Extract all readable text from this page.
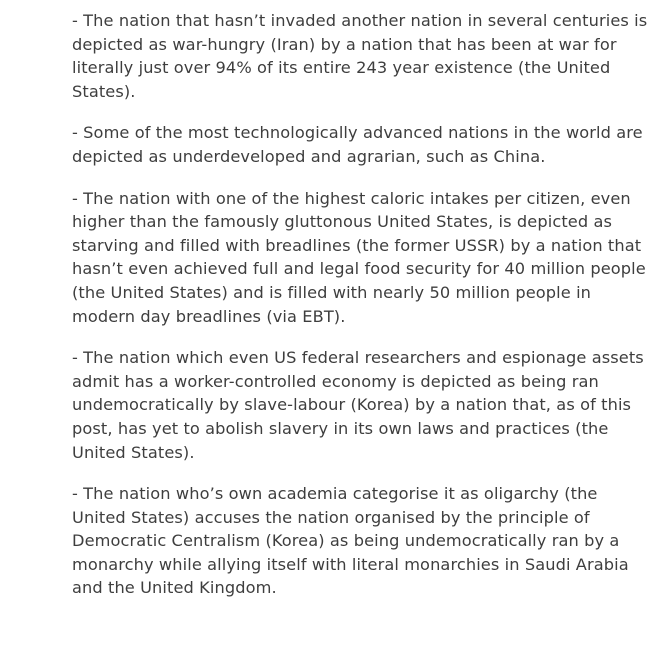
- The nation that hasn’t invaded another nation in several centuries is depicted as war-hungry (Iran) by a nation that has been at war for literally just over 94% of its entire 243 year existence (the United States).

- Some of the most technologically advanced nations in the world are depicted as underdeveloped and agrarian, such as China.

- The nation with one of the highest caloric intakes per citizen, even higher than the famously gluttonous United States, is depicted as starving and filled with breadlines (the former USSR) by a nation that hasn’t even achieved full and legal food security for 40 million people (the United States) and is filled with nearly 50 million people in modern day breadlines (via EBT).

- The nation which even US federal researchers and espionage assets admit has a worker-controlled economy is depicted as being ran undemocratically by slave-labour (Korea) by a nation that, as of this post, has yet to abolish slavery in its own laws and practices (the United States).

- The nation who’s own academia categorise it as oligarchy (the United States) accuses the nation organised by the principle of Democratic Centralism (Korea) as being undemocratically ran by a monarchy while allying itself with literal monarchies in Saudi Arabia and the United Kingdom.
